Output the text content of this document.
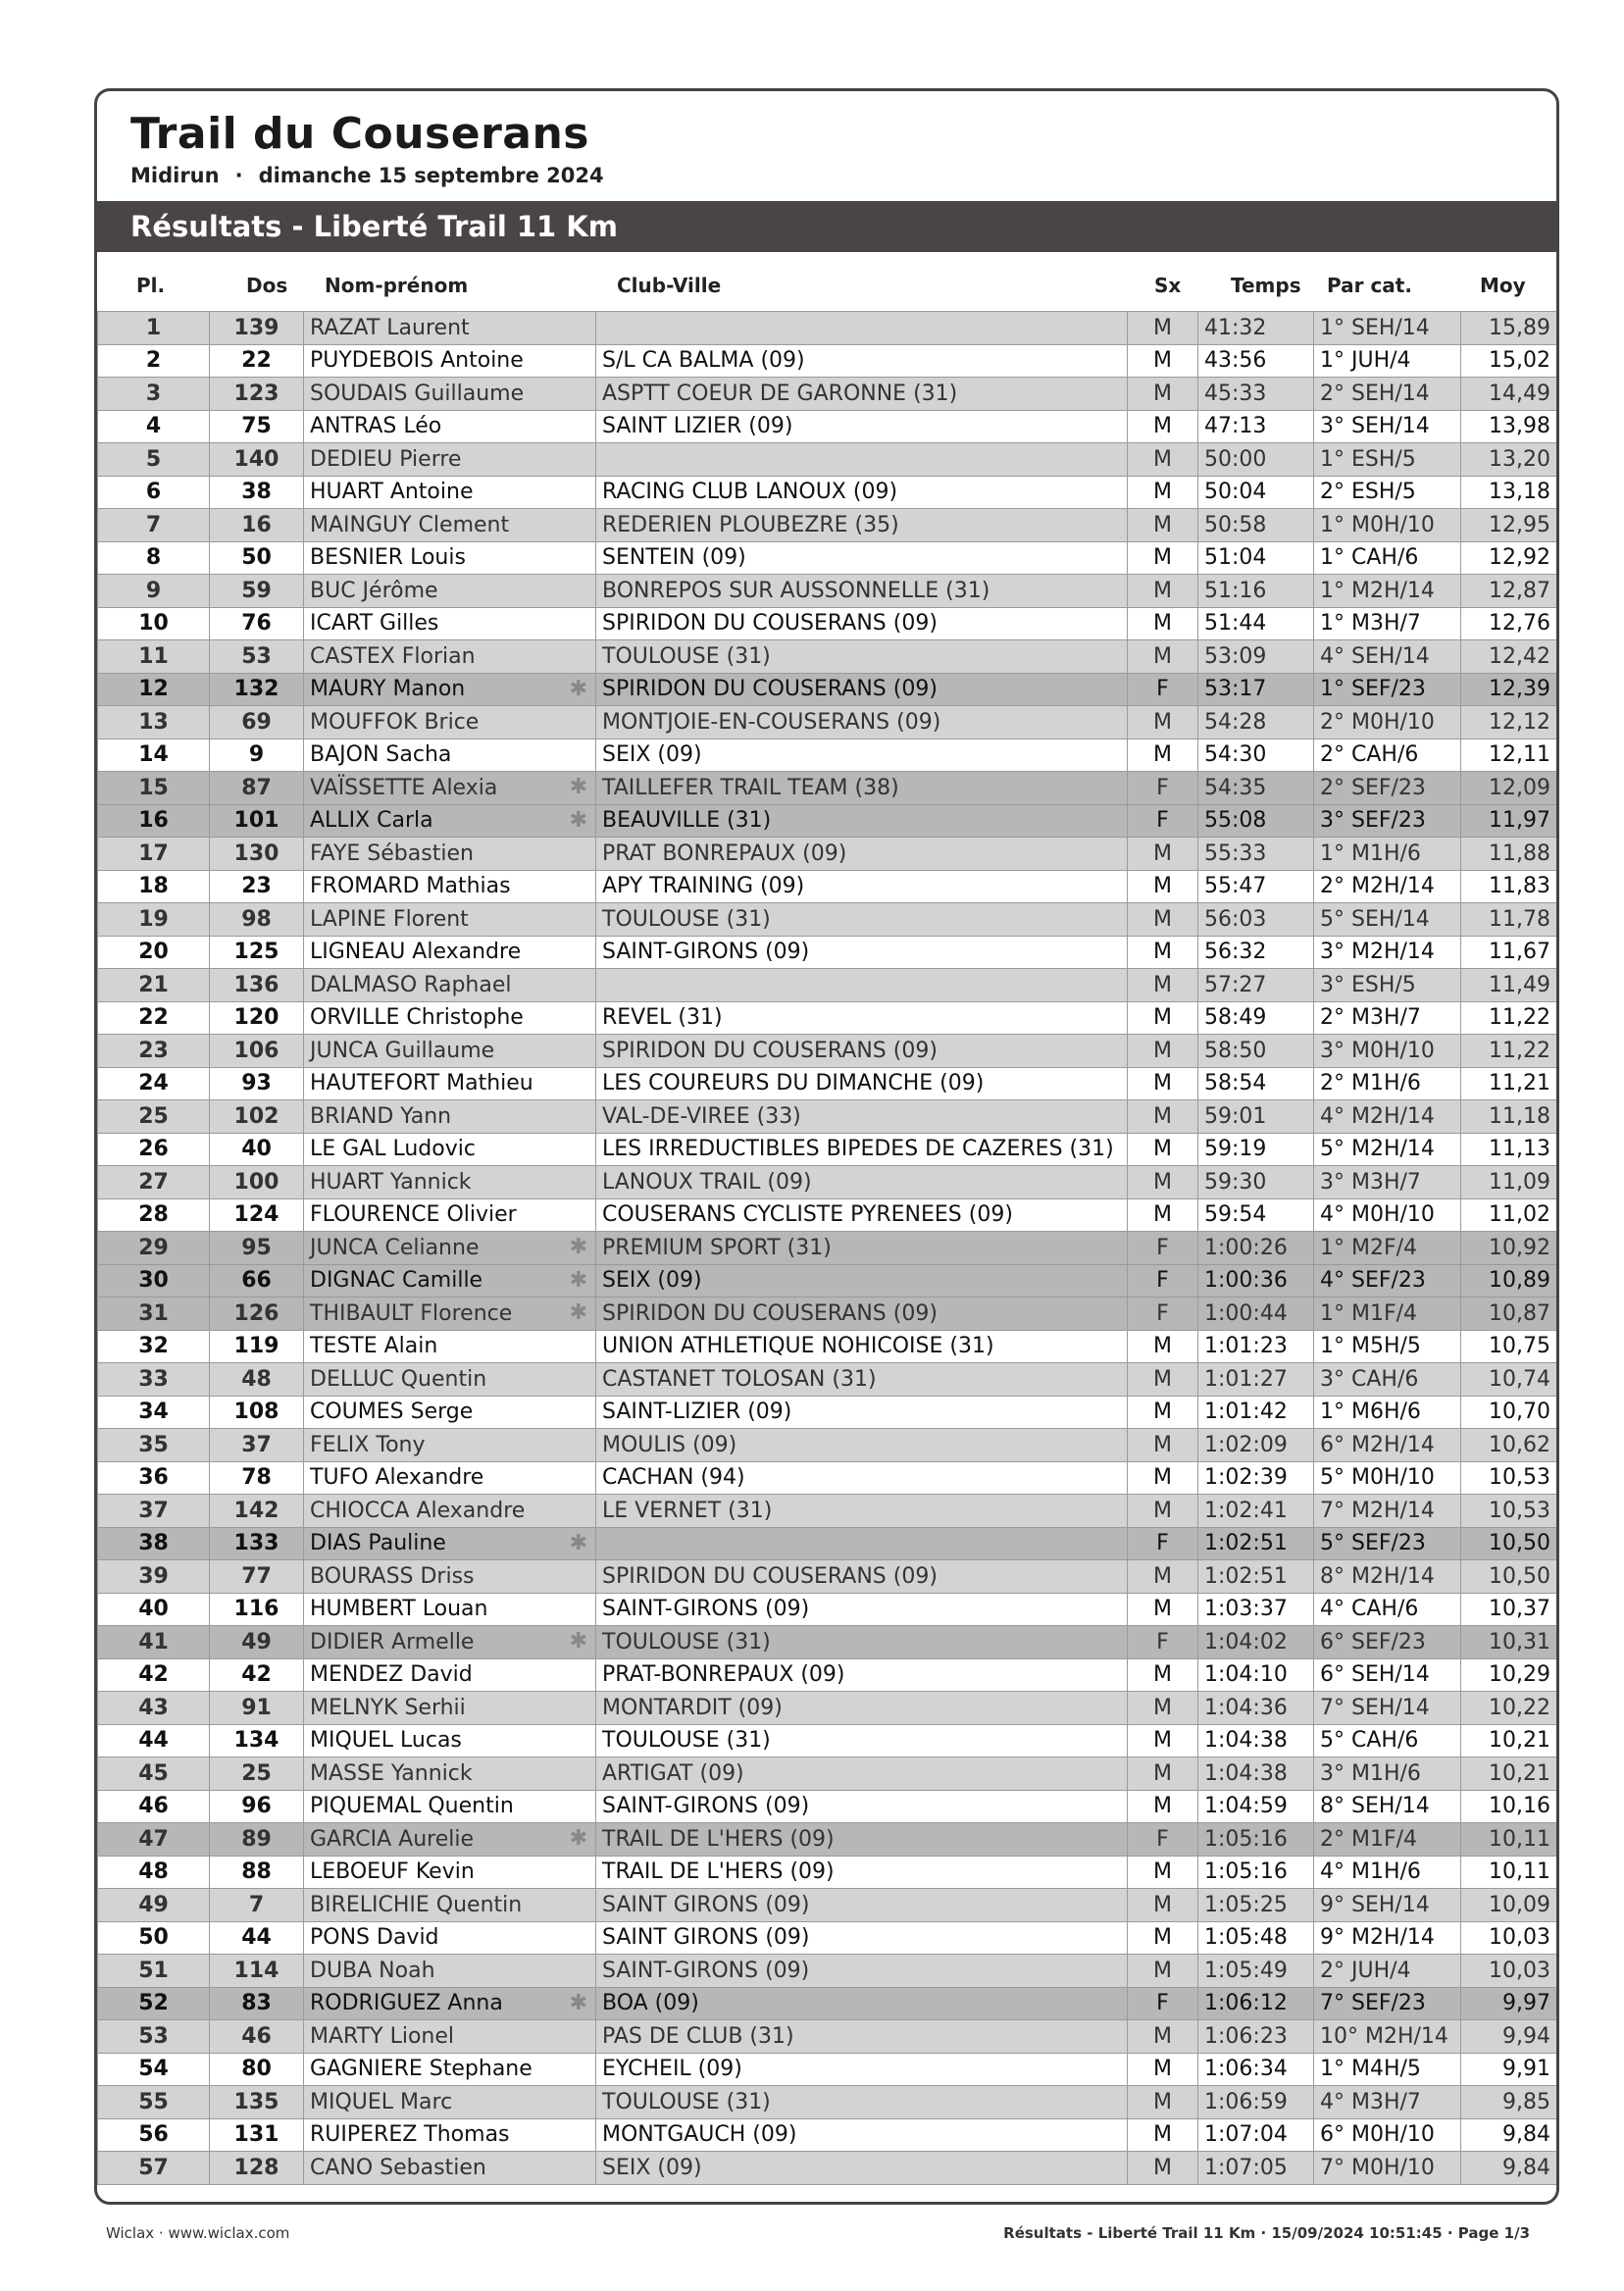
Trail du Couserans
Midirun · dimanche 15 septembre 2024
Résultats - Liberté Trail 11 Km
Pl.	Dos Nom-prénom	Club-Ville	Sx	Temps Par cat.	Moy
1	139	RAZAT Laurent		M	41:32	1° SEH/14	15,89
2	22	PUYDEBOIS Antoine	S/L CA BALMA (09)	M	43:56	1° JUH/4	15,02
3	123	SOUDAIS Guillaume	ASPTT COEUR DE GARONNE (31)	M	45:33	2° SEH/14	14,49
4	75	ANTRAS Léo	SAINT LIZIER (09)	M	47:13	3° SEH/14	13,98
5	140	DEDIEU Pierre		M	50:00	1° ESH/5	13,20
6	38	HUART Antoine	RACING CLUB LANOUX (09)	M	50:04	2° ESH/5	13,18
7	16	MAINGUY Clement	REDERIEN PLOUBEZRE (35)	M	50:58	1° M0H/10	12,95
8	50	BESNIER Louis	SENTEIN (09)	M	51:04	1° CAH/6	12,92
9	59	BUC Jérôme	BONREPOS SUR AUSSONNELLE (31)	M	51:16	1° M2H/14	12,87
10	76	ICART Gilles	SPIRIDON DU COUSERANS (09)	M	51:44	1° M3H/7	12,76
11	53	CASTEX Florian	TOULOUSE (31)	M	53:09	4° SEH/14	12,42
12	132	MAURY Manon ✱	SPIRIDON DU COUSERANS (09)	F	53:17	1° SEF/23	12,39
13	69	MOUFFOK Brice	MONTJOIE-EN-COUSERANS (09)	M	54:28	2° M0H/10	12,12
14	9	BAJON Sacha	SEIX (09)	M	54:30	2° CAH/6	12,11
15	87	VAÏSSETTE Alexia ✱	TAILLEFER TRAIL TEAM (38)	F	54:35	2° SEF/23	12,09
16	101	ALLIX Carla ✱	BEAUVILLE (31)	F	55:08	3° SEF/23	11,97
17	130	FAYE Sébastien	PRAT BONREPAUX (09)	M	55:33	1° M1H/6	11,88
18	23	FROMARD Mathias	APY TRAINING (09)	M	55:47	2° M2H/14	11,83
19	98	LAPINE Florent	TOULOUSE (31)	M	56:03	5° SEH/14	11,78
20	125	LIGNEAU Alexandre	SAINT-GIRONS (09)	M	56:32	3° M2H/14	11,67
21	136	DALMASO Raphael		M	57:27	3° ESH/5	11,49
22	120	ORVILLE Christophe	REVEL (31)	M	58:49	2° M3H/7	11,22
23	106	JUNCA Guillaume	SPIRIDON DU COUSERANS (09)	M	58:50	3° M0H/10	11,22
24	93	HAUTEFORT Mathieu	LES COUREURS DU DIMANCHE (09)	M	58:54	2° M1H/6	11,21
25	102	BRIAND Yann	VAL-DE-VIREE (33)	M	59:01	4° M2H/14	11,18
26	40	LE GAL Ludovic	LES IRREDUCTIBLES BIPEDES DE CAZERES (31)	M	59:19	5° M2H/14	11,13
27	100	HUART Yannick	LANOUX TRAIL (09)	M	59:30	3° M3H/7	11,09
28	124	FLOURENCE Olivier	COUSERANS CYCLISTE PYRENEES (09)	M	59:54	4° M0H/10	11,02
29	95	JUNCA Celianne ✱	PREMIUM SPORT (31)	F	1:00:26	1° M2F/4	10,92
30	66	DIGNAC Camille ✱	SEIX (09)	F	1:00:36	4° SEF/23	10,89
31	126	THIBAULT Florence ✱	SPIRIDON DU COUSERANS (09)	F	1:00:44	1° M1F/4	10,87
32	119	TESTE Alain	UNION ATHLETIQUE NOHICOISE (31)	M	1:01:23	1° M5H/5	10,75
33	48	DELLUC Quentin	CASTANET TOLOSAN (31)	M	1:01:27	3° CAH/6	10,74
34	108	COUMES Serge	SAINT-LIZIER (09)	M	1:01:42	1° M6H/6	10,70
35	37	FELIX Tony	MOULIS (09)	M	1:02:09	6° M2H/14	10,62
36	78	TUFO Alexandre	CACHAN (94)	M	1:02:39	5° M0H/10	10,53
37	142	CHIOCCA Alexandre	LE VERNET (31)	M	1:02:41	7° M2H/14	10,53
38	133	DIAS Pauline ✱		F	1:02:51	5° SEF/23	10,50
39	77	BOURASS Driss	SPIRIDON DU COUSERANS (09)	M	1:02:51	8° M2H/14	10,50
40	116	HUMBERT Louan	SAINT-GIRONS (09)	M	1:03:37	4° CAH/6	10,37
41	49	DIDIER Armelle ✱	TOULOUSE (31)	F	1:04:02	6° SEF/23	10,31
42	42	MENDEZ David	PRAT-BONREPAUX (09)	M	1:04:10	6° SEH/14	10,29
43	91	MELNYK Serhii	MONTARDIT (09)	M	1:04:36	7° SEH/14	10,22
44	134	MIQUEL Lucas	TOULOUSE (31)	M	1:04:38	5° CAH/6	10,21
45	25	MASSE Yannick	ARTIGAT (09)	M	1:04:38	3° M1H/6	10,21
46	96	PIQUEMAL Quentin	SAINT-GIRONS (09)	M	1:04:59	8° SEH/14	10,16
47	89	GARCIA Aurelie ✱	TRAIL DE L'HERS (09)	F	1:05:16	2° M1F/4	10,11
48	88	LEBOEUF Kevin	TRAIL DE L'HERS (09)	M	1:05:16	4° M1H/6	10,11
49	7	BIRELICHIE Quentin	SAINT GIRONS (09)	M	1:05:25	9° SEH/14	10,09
50	44	PONS David	SAINT GIRONS (09)	M	1:05:48	9° M2H/14	10,03
51	114	DUBA Noah	SAINT-GIRONS (09)	M	1:05:49	2° JUH/4	10,03
52	83	RODRIGUEZ Anna ✱	BOA (09)	F	1:06:12	7° SEF/23	9,97
53	46	MARTY Lionel	PAS DE CLUB (31)	M	1:06:23	10° M2H/14	9,94
54	80	GAGNIERE Stephane	EYCHEIL (09)	M	1:06:34	1° M4H/5	9,91
55	135	MIQUEL Marc	TOULOUSE (31)	M	1:06:59	4° M3H/7	9,85
56	131	RUIPEREZ Thomas	MONTGAUCH (09)	M	1:07:04	6° M0H/10	9,84
57	128	CANO Sebastien	SEIX (09)	M	1:07:05	7° M0H/10	9,84
Wiclax · www.wiclax.com	Résultats - Liberté Trail 11 Km · 15/09/2024 10:51:45 · Page 1/3
